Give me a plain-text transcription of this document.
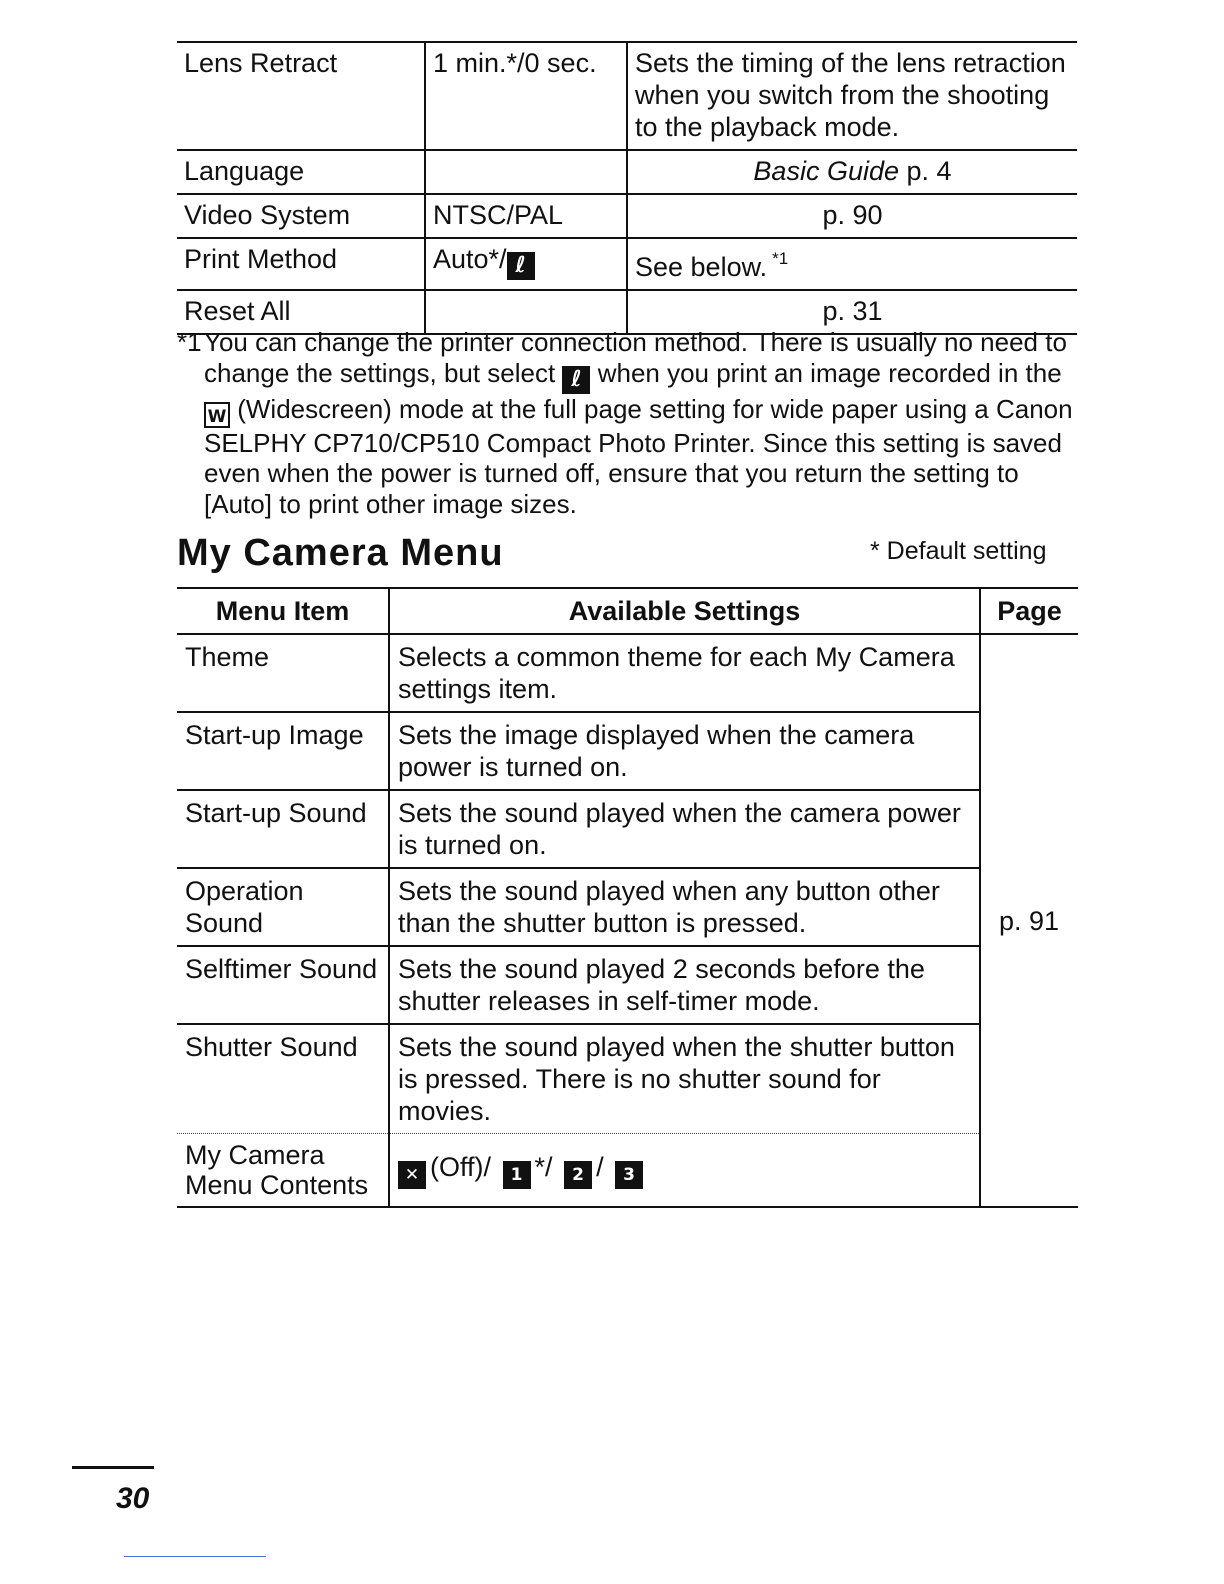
Lens Retract	1 min.*/0 sec.	Sets the timing of the lens retraction when you switch from the shooting to the playback mode.
Language		Basic Guide p. 4
Video System	NTSC/PAL	p. 90
Print Method	Auto*/ ℓ	See below. $^{*1}$
Reset All		p. 31
*1 You can change the printer connection method. There is usually no need to change the settings, but select ℓ when you print an image recorded in the W (Widescreen) mode at the full page setting for wide paper using a Canon SELPHY CP710/CP510 Compact Photo Printer. Since this setting is saved even when the power is turned off, ensure that you return the setting to [Auto] to print other image sizes.
My Camera Menu	* Default setting
Menu Item	Available Settings	Page
Theme	Selects a common theme for each My Camera settings item.	p. 91
Start-up Image	Sets the image displayed when the camera power is turned on.	
Start-up Sound	Sets the sound played when the camera power is turned on.	
Operation Sound	Sets the sound played when any button other than the shutter button is pressed.	
Selftimer Sound	Sets the sound played 2 seconds before the shutter releases in self-timer mode.	
Shutter Sound	Sets the sound played when the shutter button is pressed. There is no shutter sound for movies.	
My Camera
Menu Contents	✕ (Off)/ 1 */ 2 / 3	
30
